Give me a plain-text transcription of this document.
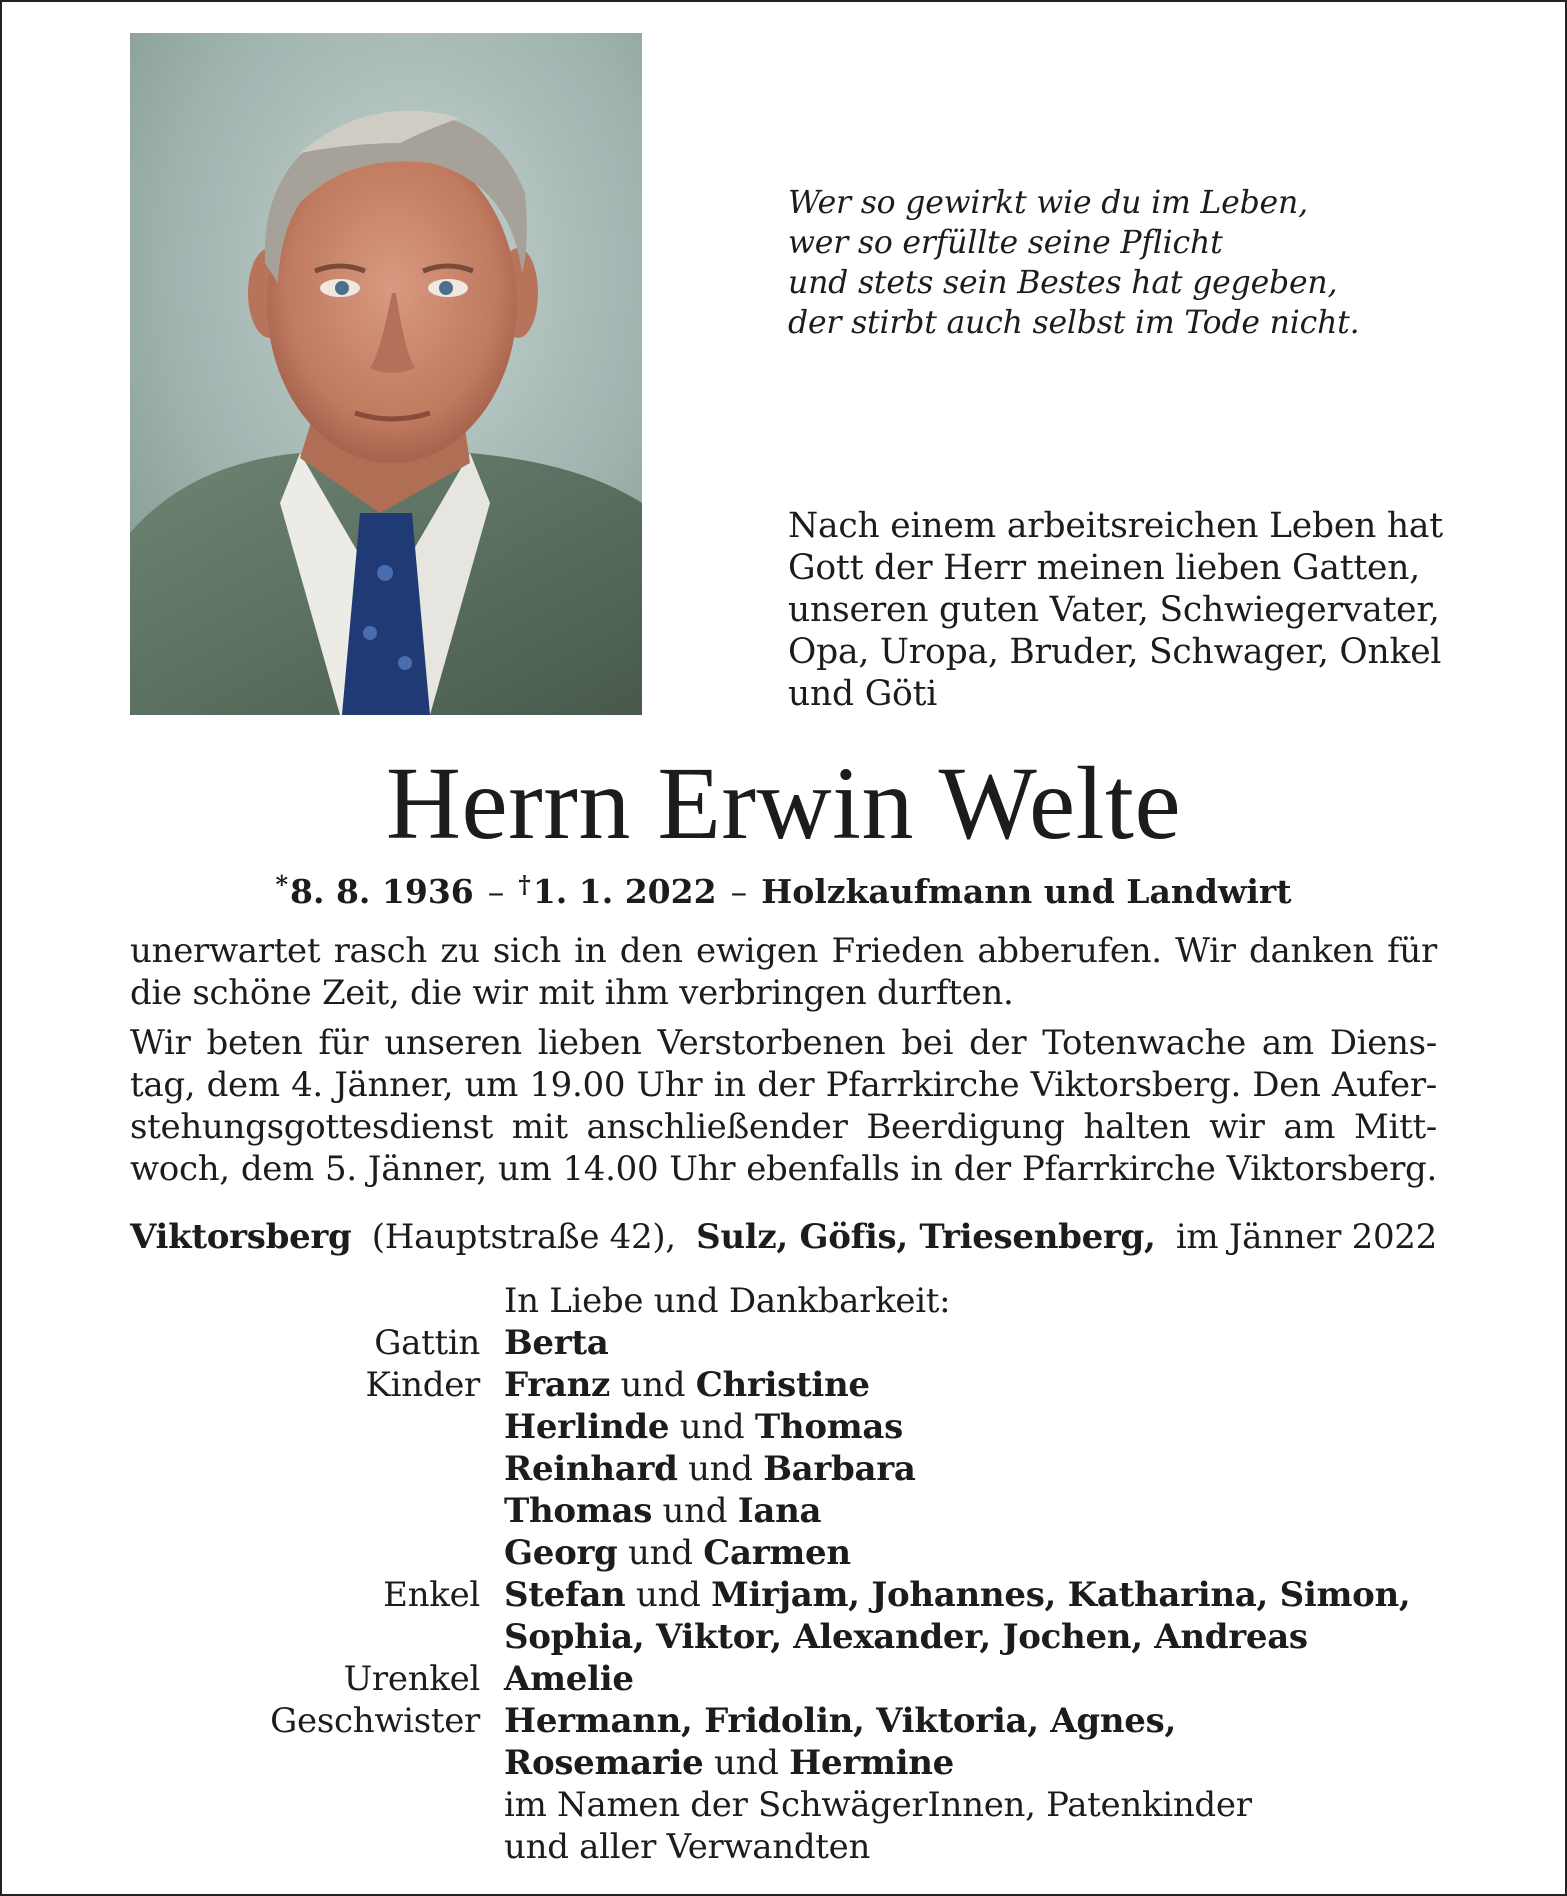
Wer so gewirkt wie du im Leben,
wer so erfüllte seine Pflicht
und stets sein Bestes hat gegeben,
der stirbt auch selbst im Tode nicht.
Nach einem arbeitsreichen Leben hat
Gott der Herr meinen lieben Gatten,
unseren guten Vater, Schwiegervater,
Opa, Uropa, Bruder, Schwager, Onkel
und Göti
Herrn Erwin Welte
*8. 8. 1936 – †1. 1. 2022 – Holzkaufmann und Landwirt
unerwartet rasch zu sich in den ewigen Frieden abberufen. Wir danken für
die schöne Zeit, die wir mit ihm verbringen durften.
Wir beten für unseren lieben Verstorbenen bei der Totenwache am Diens-
tag, dem 4. Jänner, um 19.00 Uhr in der Pfarrkirche Viktorsberg. Den Aufer-
stehungsgottesdienst mit anschließender Beerdigung halten wir am Mitt-
woch, dem 5. Jänner, um 14.00 Uhr ebenfalls in der Pfarrkirche Viktorsberg.
Viktorsberg (Hauptstraße 42), Sulz, Göfis, Triesenberg, im Jänner 2022
In Liebe und Dankbarkeit:
Gattin Berta
Kinder Franz und Christine
Herlinde und Thomas
Reinhard und Barbara
Thomas und Iana
Georg und Carmen
Enkel Stefan und Mirjam, Johannes, Katharina, Simon,
Sophia, Viktor, Alexander, Jochen, Andreas
Urenkel Amelie
Geschwister Hermann, Fridolin, Viktoria, Agnes,
Rosemarie und Hermine
im Namen der SchwägerInnen, Patenkinder
und aller Verwandten
